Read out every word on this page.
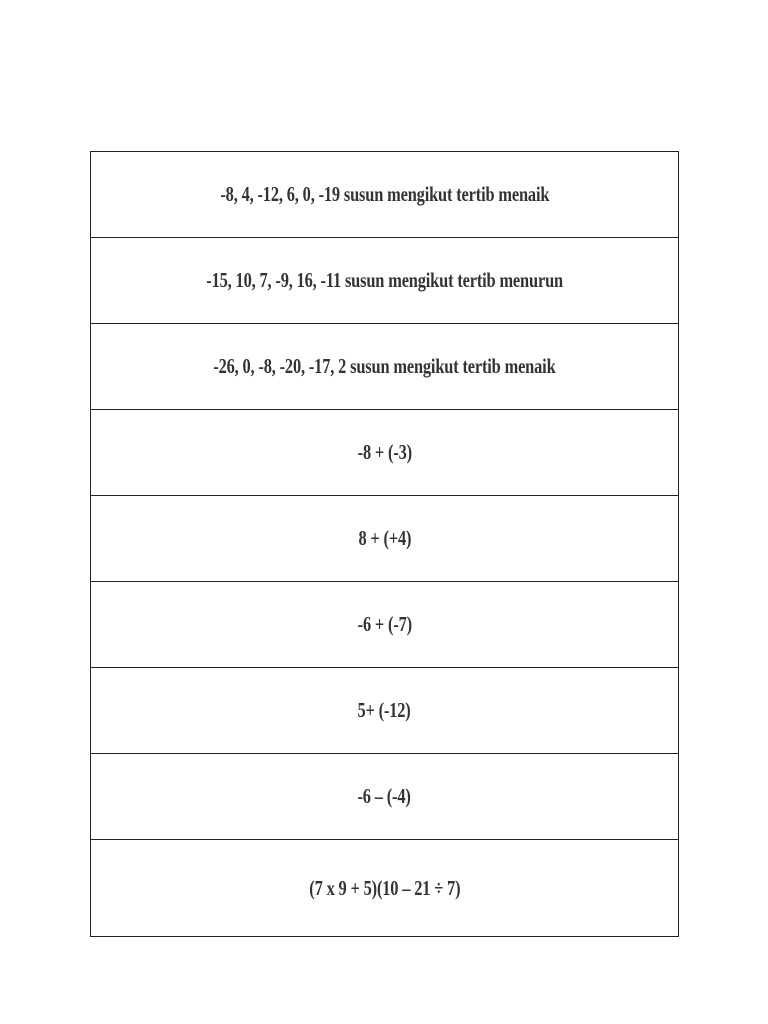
-8, 4, -12, 6, 0, -19 susun mengikut tertib menaik
-15, 10, 7, -9, 16, -11 susun mengikut tertib menurun
-26, 0, -8, -20, -17, 2 susun mengikut tertib menaik
-8 + (-3)
8 + (+4)
-6 + (-7)
5+ (-12)
-6 – (-4)
(7 x 9 + 5)(10 – 21 ÷ 7)
